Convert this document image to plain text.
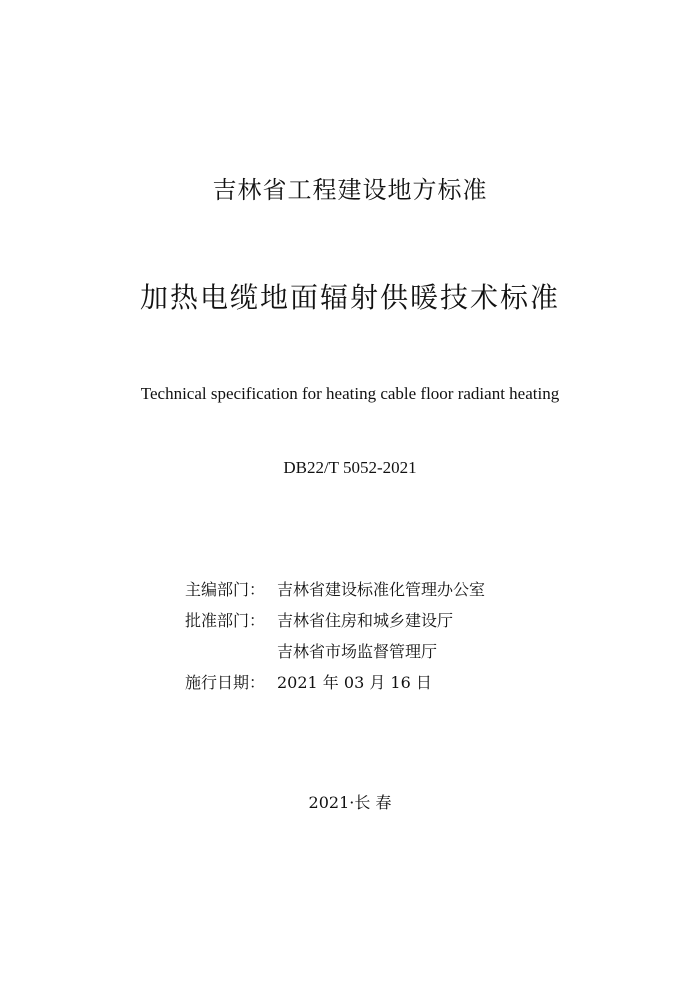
吉林省工程建设地方标准
加热电缆地面辐射供暖技术标准
Technical specification for heating cable floor radiant heating
DB22/T 5052-2021
主编部门： 吉林省建设标准化管理办公室
批准部门： 吉林省住房和城乡建设厅
吉林省市场监督管理厅
施行日期： 2021 年 03 月 16 日
2021·长 春
